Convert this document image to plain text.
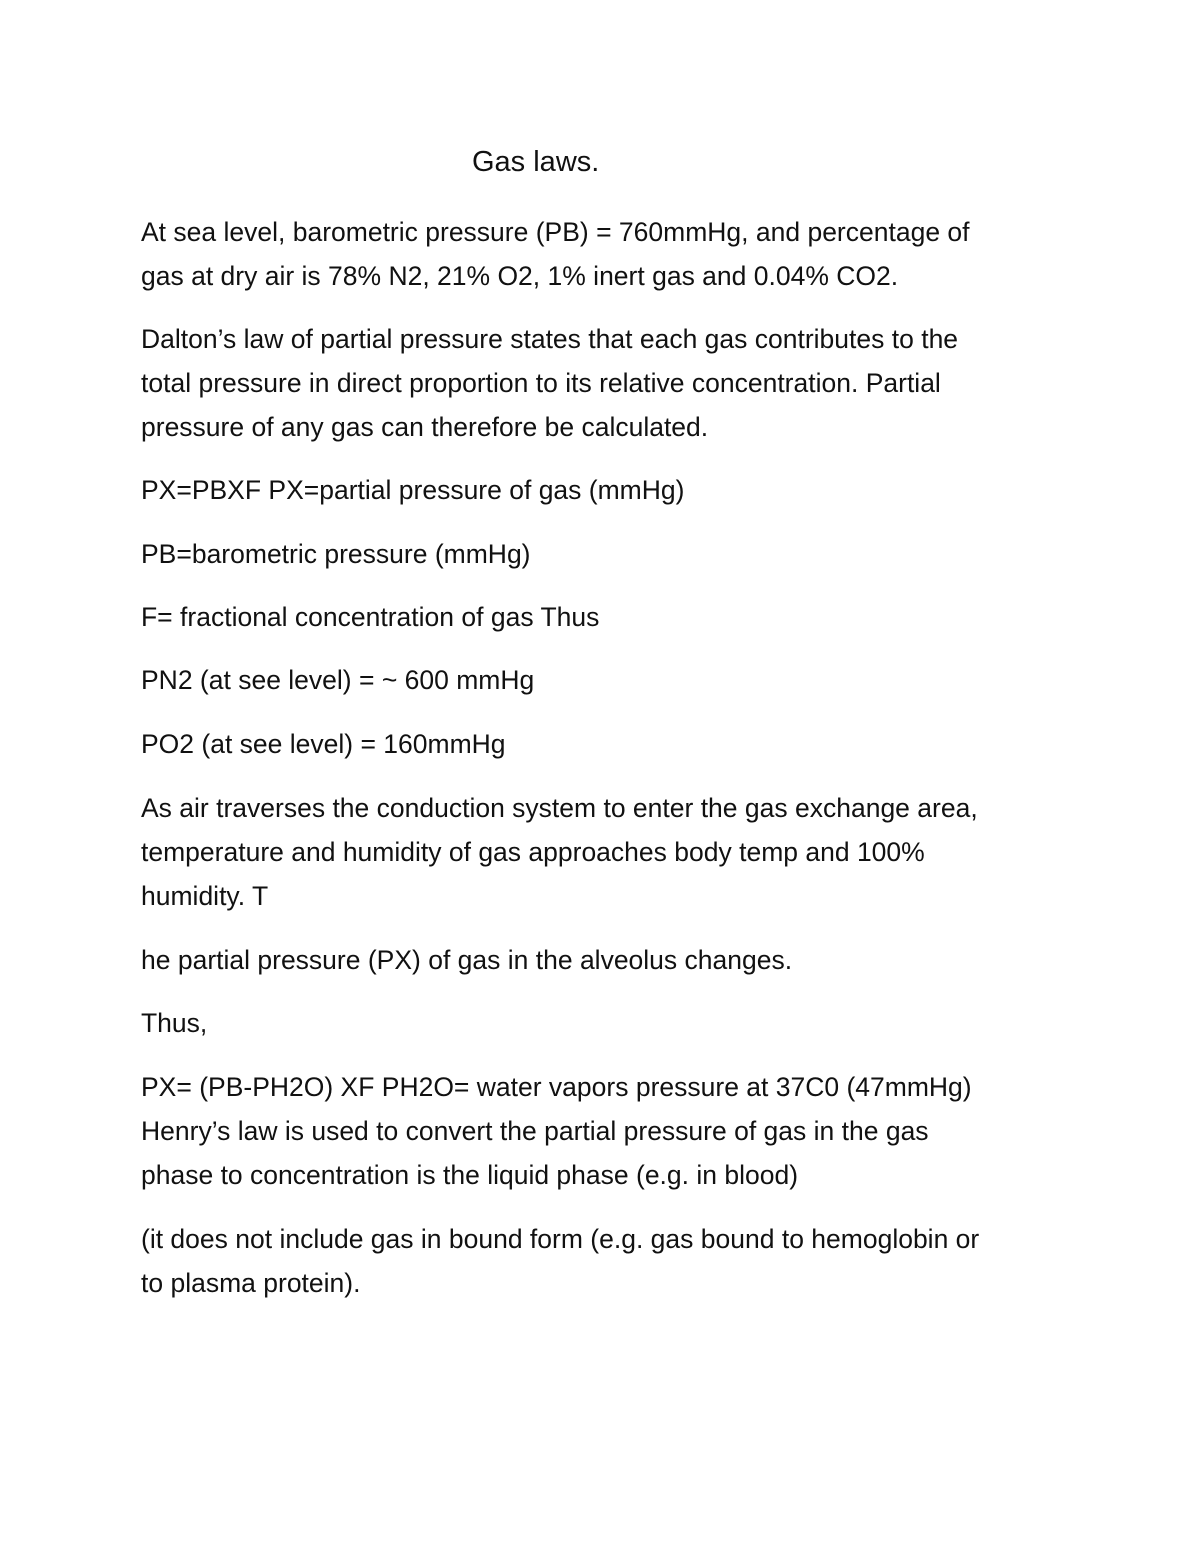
Gas laws.

At sea level, barometric pressure (PB) = 760mmHg, and percentage of

gas at dry air is 78% N2, 21% O2, 1% inert gas and 0.04% CO2.

Dalton’s law of partial pressure states that each gas contributes to the

total pressure in direct proportion to its relative concentration. Partial

pressure of any gas can therefore be calculated.

PX=PBXF PX=partial pressure of gas (mmHg)

PB=barometric pressure (mmHg)

F= fractional concentration of gas Thus

PN2 (at see level) = ~ 600 mmHg

PO2 (at see level) = 160mmHg

As air traverses the conduction system to enter the gas exchange area,

temperature and humidity of gas approaches body temp and 100%

humidity. T

he partial pressure (PX) of gas in the alveolus changes.

Thus,

PX= (PB-PH2O) XF PH2O= water vapors pressure at 37C0 (47mmHg)

Henry’s law is used to convert the partial pressure of gas in the gas

phase to concentration is the liquid phase (e.g. in blood)

(it does not include gas in bound form (e.g. gas bound to hemoglobin or

to plasma protein).
